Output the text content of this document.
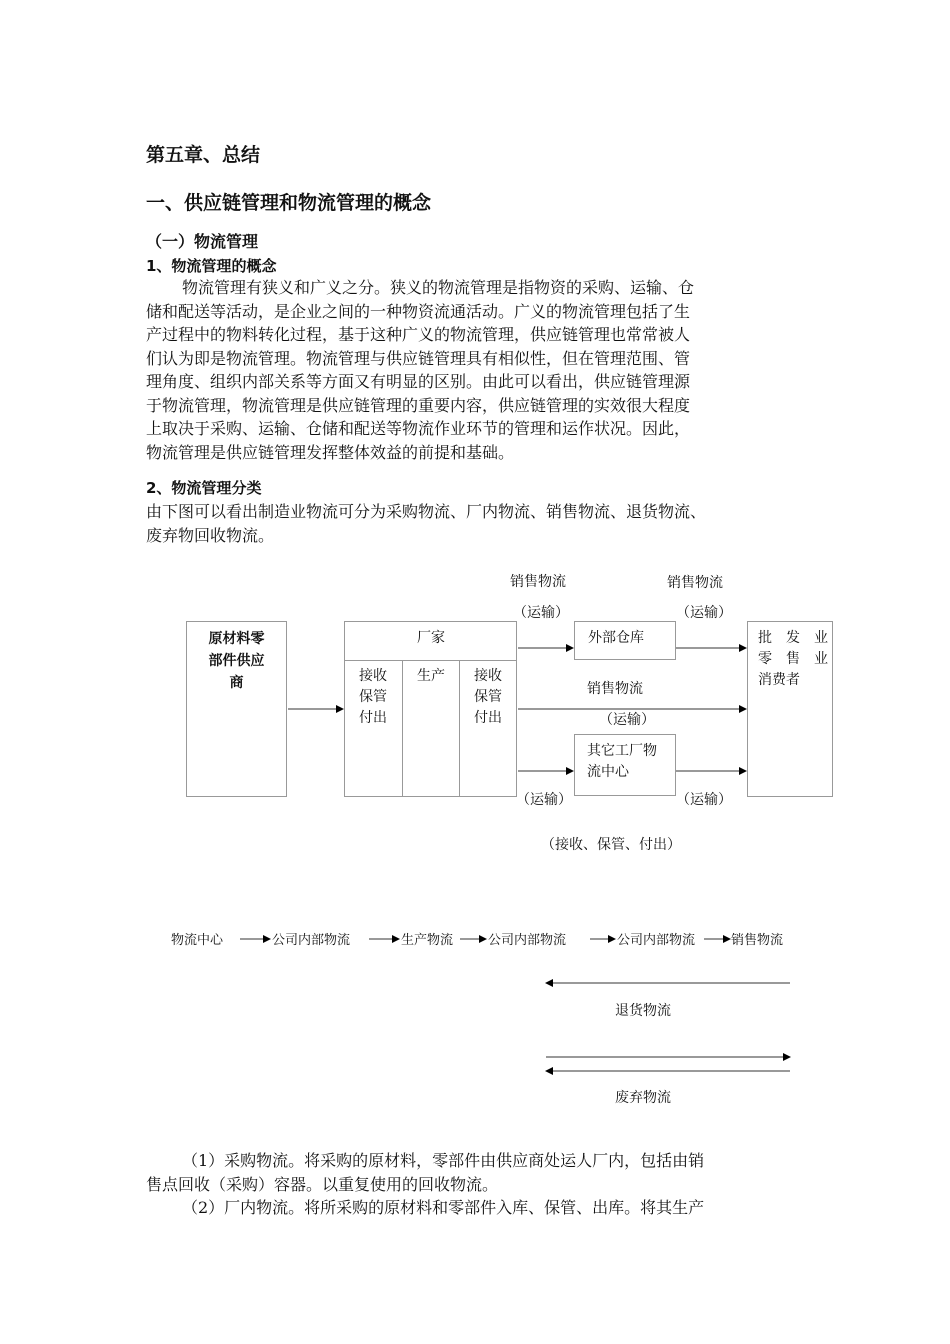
第五章、总结
一、供应链管理和物流管理的概念
（一）物流管理
1、物流管理的概念
物流管理有狭义和广义之分。狭义的物流管理是指物资的采购、运输、仓
储和配送等活动，是企业之间的一种物资流通活动。广义的物流管理包括了生
产过程中的物料转化过程，基于这种广义的物流管理，供应链管理也常常被人
们认为即是物流管理。物流管理与供应链管理具有相似性，但在管理范围、管
理角度、组织内部关系等方面又有明显的区别。由此可以看出，供应链管理源
于物流管理，物流管理是供应链管理的重要内容，供应链管理的实效很大程度
上取决于采购、运输、仓储和配送等物流作业环节的管理和运作状况。因此，
物流管理是供应链管理发挥整体效益的前提和基础。
2、物流管理分类
由下图可以看出制造业物流可分为采购物流、厂内物流、销售物流、退货物流、
废弃物回收物流。
销售物流	销售物流
（运输）	（运输）
原材料零
部件供应
商
厂家
接收
保管
付出
生产 接收
保管
付出
外部仓库
销售物流
（运输）
其它工厂物
流中心
批　发　业
零　售　业
消费者
（运输）	（运输）
（接收、保管、付出）
物流中心	公司内部物流	生产物流	公司内部物流	公司内部物流	销售物流
退货物流
废弃物流
（1）采购物流。将采购的原材料，零部件由供应商处运人厂内，包括由销
售点回收（采购）容器。以重复使用的回收物流。
（2）厂内物流。将所采购的原材料和零部件入库、保管、出库。将其生产
